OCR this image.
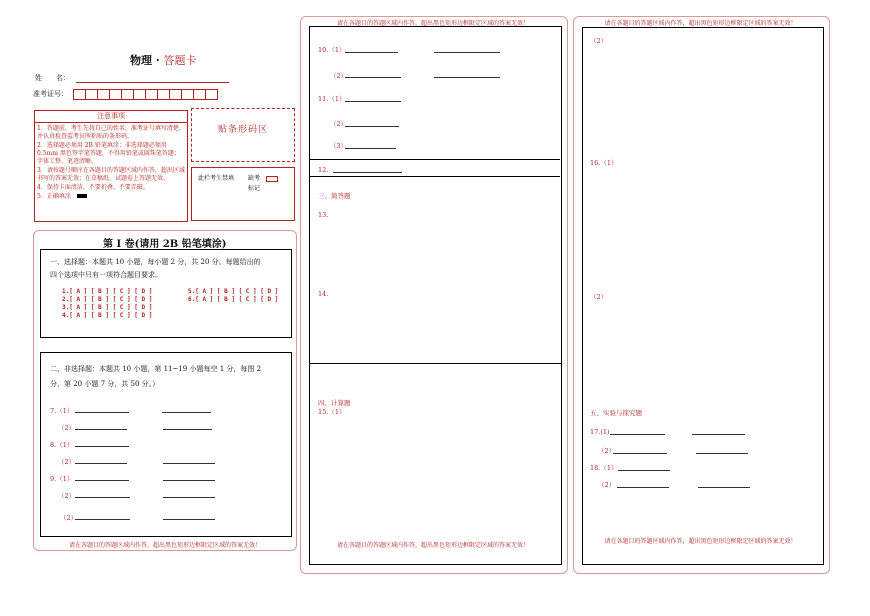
物理 · 答题卡
姓　　名：
准考证号：
注意事项
1．答题前，考生先将自己的姓名、准考证号填写清楚，并认真检查监考员所粘贴的条形码。
2．选择题必须用 2B 铅笔填涂；非选择题必须用 0.5mm 黑色签字笔答题，不得用铅笔或圆珠笔答题；字体工整、笔迹清晰。
3．请按题号顺序在各题目的答题区域内作答，超出区域书写的答案无效；在草稿纸、试题卷上答题无效。
4．保持卡面清洁，不要折叠、不要弄破。
5．正确填涂
贴条形码区
此栏考生禁填 缺考
标记
第 Ⅰ 卷(请用 2B 铅笔填涂)
一、选择题：本题共 10 小题，每小题 2 分，共 20 分。每题给出的
四个选项中只有一项符合题目要求。
1.[ A ] [ B ] [ C ] [ D ]
2.[ A ] [ B ] [ C ] [ D ]
3.[ A ] [ B ] [ C ] [ D ]
4.[ A ] [ B ] [ C ] [ D ]
5.[ A ] [ B ] [ C ] [ D ]
6.[ A ] [ B ] [ C ] [ D ]
二、非选择题：本题共 10 小题，第 11~19 小题每空 1 分，每图 2
分，第 20 小题 7 分，共 50 分。）
7.（1）
（2）
8.（1）
（2）
9.（1）
（2）
（2）
请在各题目的答题区域内作答，超出黑色矩形边框限定区域的答案无效！
请在各题目的答题区域内作答，超出黑色矩形边框限定区域的答案无效！
10.（1）
（2）
11.（1）
（2）
（3）
12.
三、简答题
13.
14.
四、计算题
15.（1）
请在各题目的答题区域内作答，超出黑色矩形边框限定区域的答案无效！
请在各题目的答题区域内作答，超出黑色矩形边框限定区域的答案无效！
（2）
16.（1）
（2）
五、实验与探究题
17.(1)
（2）
18.（1）
（2）
请在各题目的答题区域内作答，超出黑色矩形边框限定区域的答案无效！
